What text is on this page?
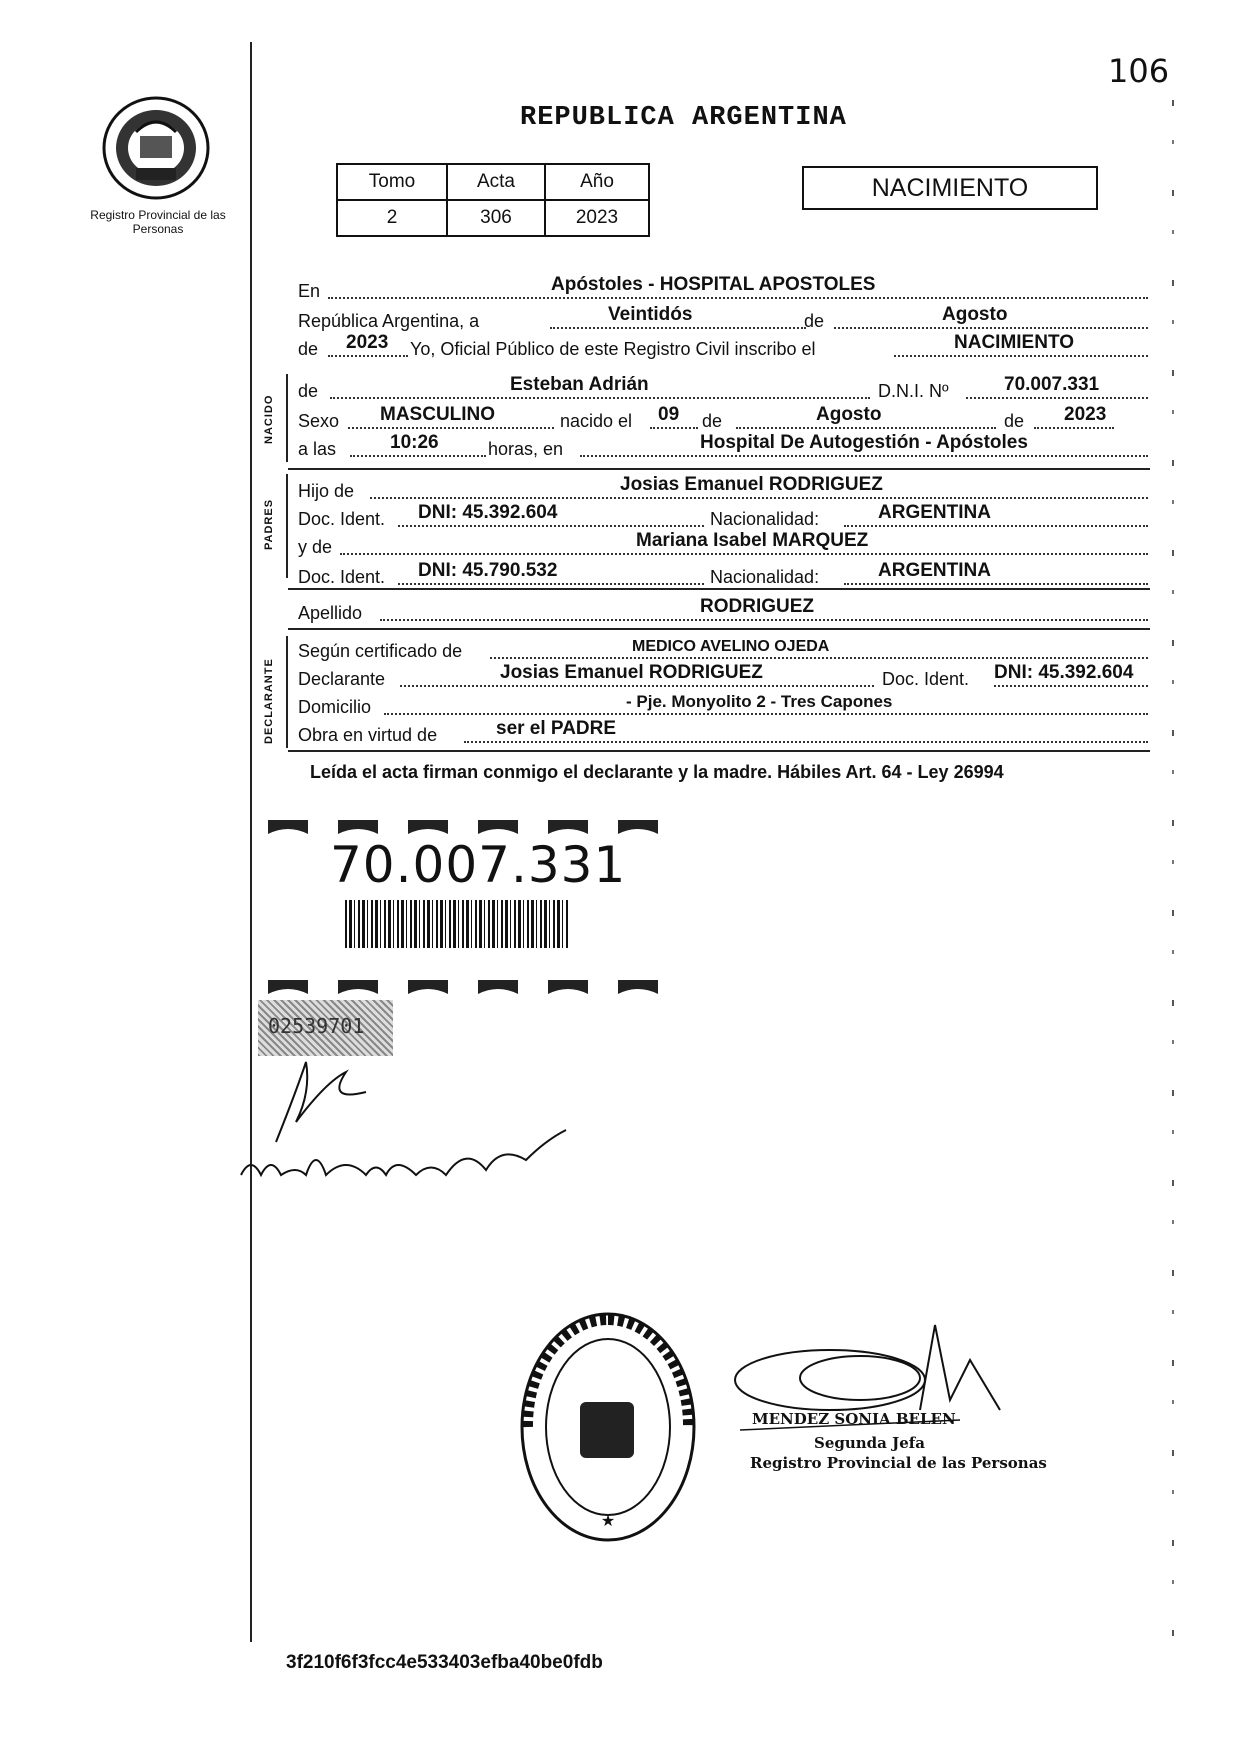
106
Registro Provincial de las Personas
REPUBLICA ARGENTINA
Tomo	Acta	Año
2	306	2023
NACIMIENTO
En	Apóstoles - HOSPITAL APOSTOLES
República Argentina, a	Veintidós	de	Agosto
de 2023 Yo, Oficial Público de este Registro Civil inscribo el	NACIMIENTO
NACIDO
de	Esteban Adrián	D.N.I. Nº	70.007.331
Sexo MASCULINO	nacido el 09 de	Agosto	de 2023
a las	10:26	horas, en	Hospital De Autogestión - Apóstoles
PADRES
Hijo de	Josias Emanuel RODRIGUEZ
Doc. Ident. DNI: 45.392.604	Nacionalidad:	ARGENTINA
y de	Mariana Isabel MARQUEZ
Doc. Ident. DNI: 45.790.532	Nacionalidad:	ARGENTINA
Apellido	RODRIGUEZ
DECLARANTE
Según certificado de	MEDICO AVELINO OJEDA
Declarante	Josias Emanuel RODRIGUEZ	Doc. Ident. DNI: 45.392.604
Domicilio	- Pje. Monyolito 2 - Tres Capones
Obra en virtud de	ser el PADRE
Leída el acta firman conmigo el declarante y la madre. Hábiles Art. 64 - Ley 26994
70.007.331
02539701
★
MENDEZ SONIA BELEN
Segunda Jefa
Registro Provincial de las Personas
3f210f6f3fcc4e533403efba40be0fdb
